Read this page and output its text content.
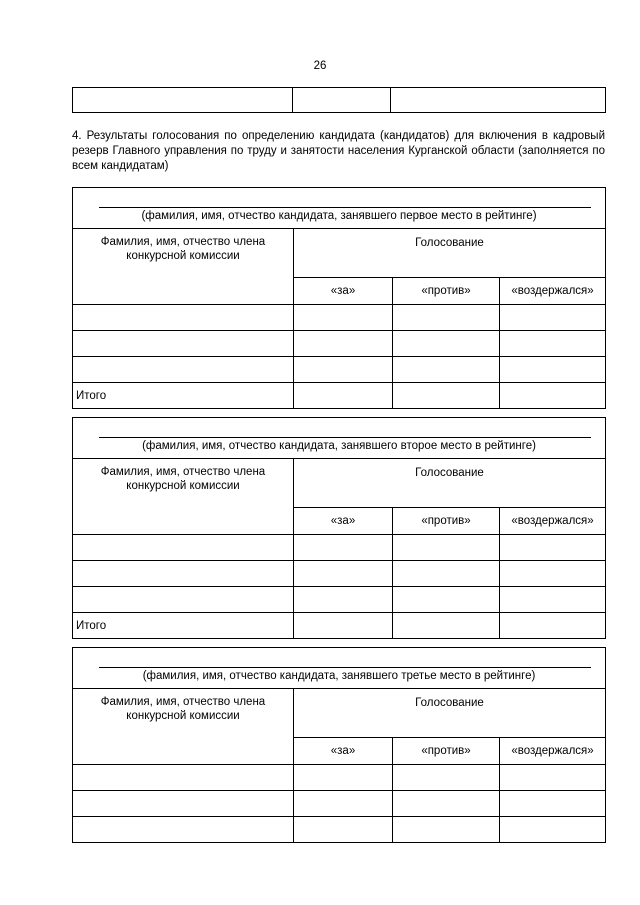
26

4. Результаты голосования по определению кандидата (кандидатов) для включения в кадровый резерв Главного управления по труду и занятости населения Курганской области (заполняется по всем кандидатам)
(фамилия, имя, отчество кандидата, занявшего первое место в рейтинге)			

Фамилия, имя, отчество члена конкурсной комиссии	Голосование		
	«за»	«против»	«воздержался»

Итого			
(фамилия, имя, отчество кандидата, занявшего второе место в рейтинге)			

Фамилия, имя, отчество члена конкурсной комиссии	Голосование		
	«за»	«против»	«воздержался»

Итого			
(фамилия, имя, отчество кандидата, занявшего третье место в рейтинге)			

Фамилия, имя, отчество члена конкурсной комиссии	Голосование		
	«за»	«против»	«воздержался»
